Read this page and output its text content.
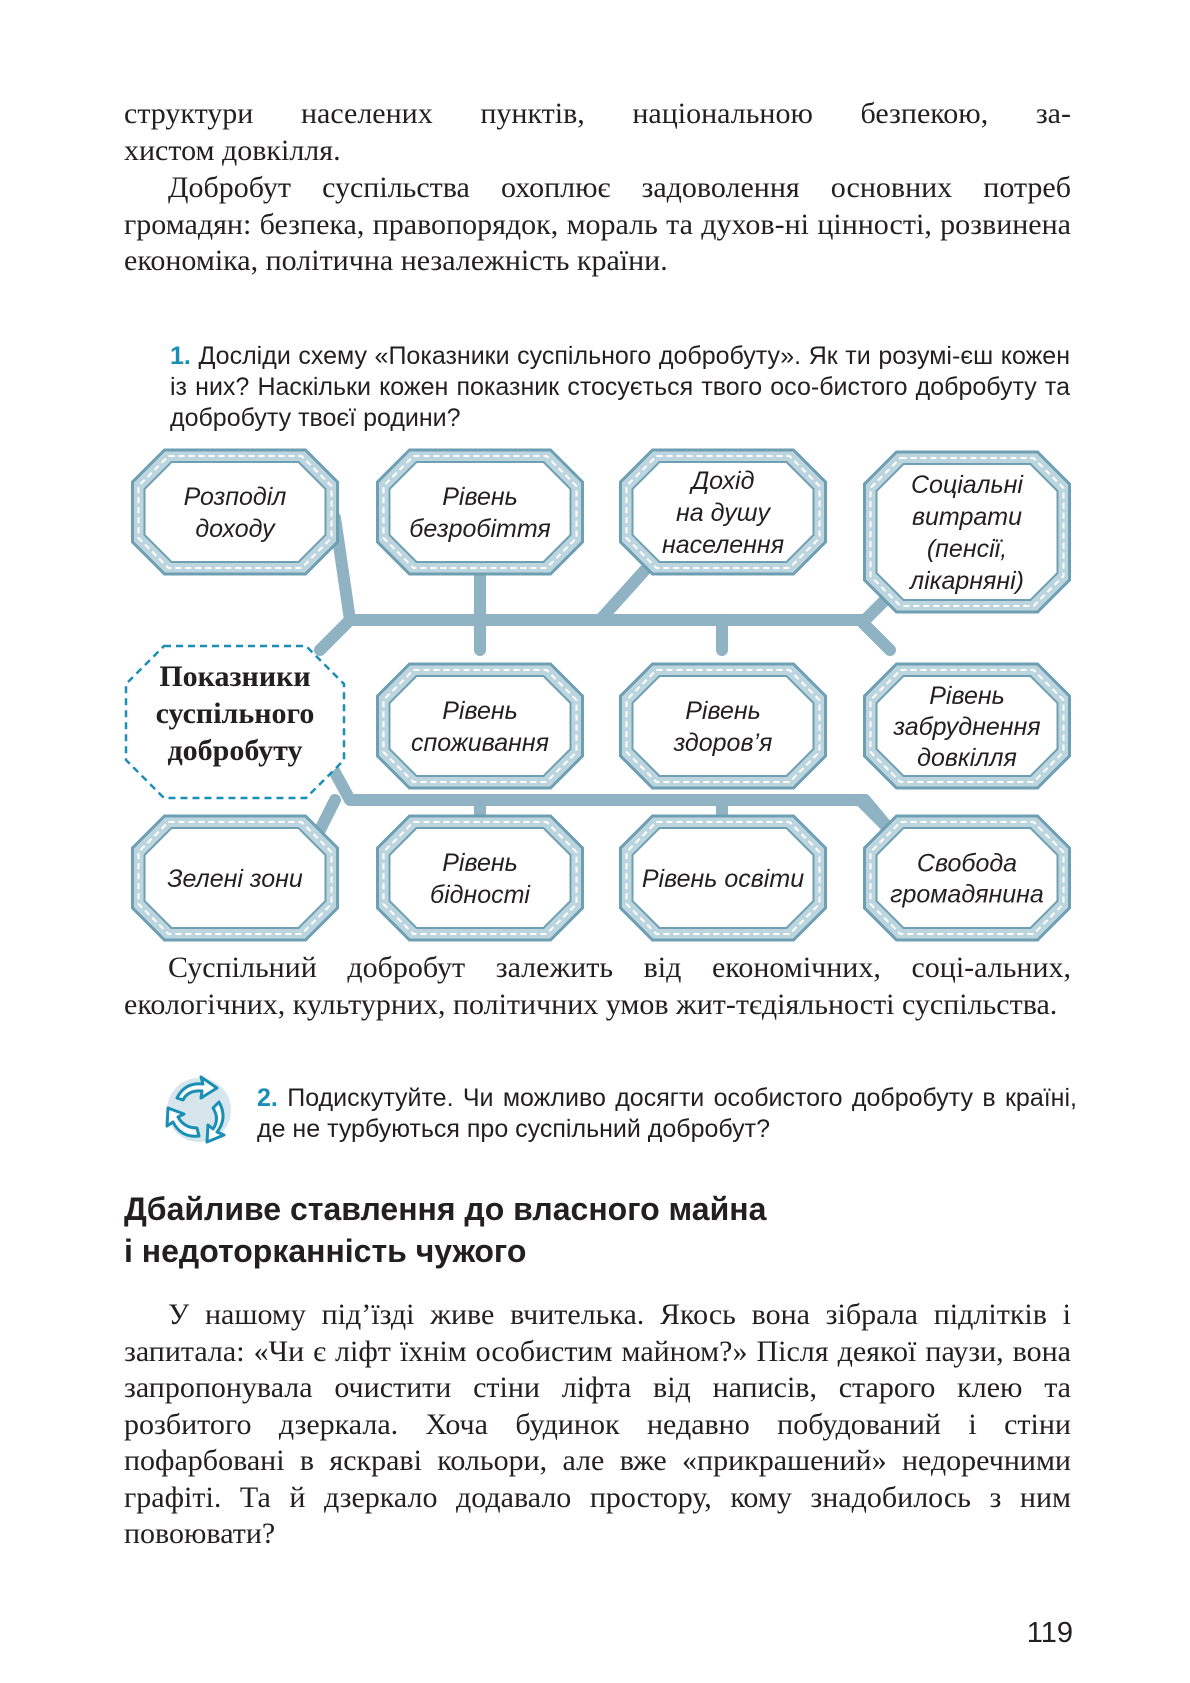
структури населених пунктів, національною безпекою, за-

хистом довкілля.

Добробут суспільства охоплює задоволення основних потреб громадян: безпека, правопорядок, мораль та духов-ні цінності, розвинена економіка, політична незалежність країни.

1. Досліди схему «Показники суспільного добробуту». Як ти розумі-єш кожен із них? Наскільки кожен показник стосується твого осо-бистого добробуту та добробуту твоєї родини?
Розподіл
доходу
Рівень
безробіття
Дохід
на душу
населення
Соціальні
витрати
(пенсії,
лікарняні)
Рівень
споживання
Рівень
здоров’я
Рівень
забруднення
довкілля
Зелені зони
Рівень
бідності
Рівень освіти
Свобода
громадянина
Показники
суспільного
добробуту

Суспільний добробут залежить від економічних, соці-альних, екологічних, культурних, політичних умов жит-тєдіяльності суспільства.

2. Подискутуйте. Чи можливо досягти особистого добробуту в країні, де не турбуються про суспільний добробут?
Дбайливе ставлення до власного майна
і недоторканність чужого

У нашому під’їзді живе вчителька. Якось вона зібрала підлітків і запитала: «Чи є ліфт їхнім особистим майном?» Після деякої паузи, вона запропонувала очистити стіни ліфта від написів, старого клею та розбитого дзеркала. Хоча будинок недавно побудований і стіни пофарбовані в яскраві кольори, але вже «прикрашений» недоречними графіті. Та й дзеркало додавало простору, кому знадобилось з ним повоювати?

119
